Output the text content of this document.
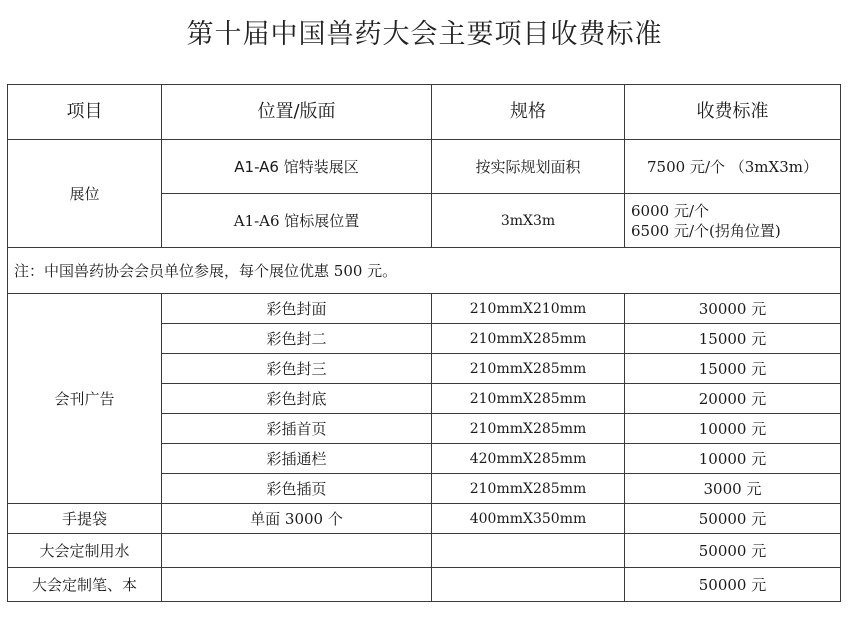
第十届中国兽药大会主要项目收费标准
项目	位置/版面	规格	收费标准
展位	A1-A6 馆特装展区	按实际规划面积	7500 元/个 （3mX3m）
	A1-A6 馆标展位置	3mX3m	6000 元/个
6500 元/个(拐角位置)

注：中国兽药协会会员单位参展，每个展位优惠 500 元。			
会刊广告	彩色封面	210mmX210mm	30000 元
	彩色封二	210mmX285mm	15000 元
	彩色封三	210mmX285mm	15000 元
	彩色封底	210mmX285mm	20000 元
	彩插首页	210mmX285mm	10000 元
	彩插通栏	420mmX285mm	10000 元
	彩色插页	210mmX285mm	3000 元
手提袋	单面 3000 个	400mmX350mm	50000 元
大会定制用水			50000 元
大会定制笔、本			50000 元
